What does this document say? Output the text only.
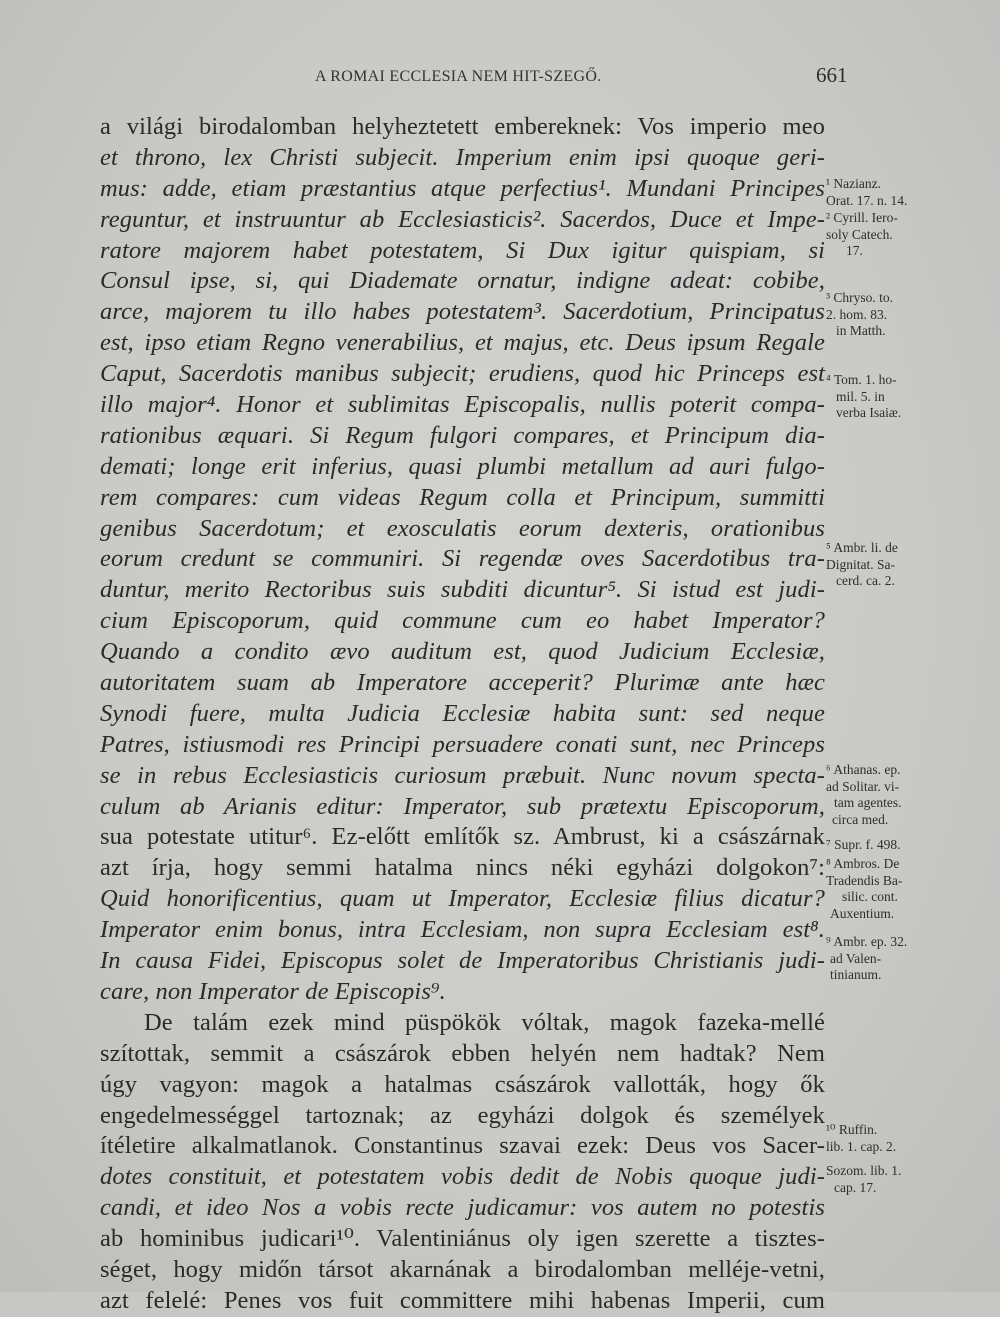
A ROMAI ECCLESIA NEM HIT-SZEGŐ.	661
a világi birodalomban helyheztetett embereknek: Vos imperio meo
et throno, lex Christi subjecit. Imperium enim ipsi quoque geri-
mus: adde, etiam præstantius atque perfectius¹. Mundani Principes
reguntur, et instruuntur ab Ecclesiasticis². Sacerdos, Duce et Impe-
ratore majorem habet potestatem, Si Dux igitur quispiam, si
Consul ipse, si, qui Diademate ornatur, indigne adeat: cobibe,
arce, majorem tu illo habes potestatem³. Sacerdotium, Principatus
est, ipso etiam Regno venerabilius, et majus, etc. Deus ipsum Regale
Caput, Sacerdotis manibus subjecit; erudiens, quod hic Princeps est
illo major⁴. Honor et sublimitas Episcopalis, nullis poterit compa-
rationibus æquari. Si Regum fulgori compares, et Principum dia-
demati; longe erit inferius, quasi plumbi metallum ad auri fulgo-
rem compares: cum videas Regum colla et Principum, summitti
genibus Sacerdotum; et exosculatis eorum dexteris, orationibus
eorum credunt se communiri. Si regendæ oves Sacerdotibus tra-
duntur, merito Rectoribus suis subditi dicuntur⁵. Si istud est judi-
cium Episcoporum, quid commune cum eo habet Imperator?
Quando a condito ævo auditum est, quod Judicium Ecclesiæ,
autoritatem suam ab Imperatore acceperit? Plurimæ ante hæc
Synodi fuere, multa Judicia Ecclesiæ habita sunt: sed neque
Patres, istiusmodi res Principi persuadere conati sunt, nec Princeps
se in rebus Ecclesiasticis curiosum præbuit. Nunc novum specta-
culum ab Arianis editur: Imperator, sub prætextu Episcoporum,
sua potestate utitur⁶. Ez-előtt említők sz. Ambrust, ki a császárnak
azt írja, hogy semmi hatalma nincs néki egyházi dolgokon⁷:
Quid honorificentius, quam ut Imperator, Ecclesiæ filius dicatur?
Imperator enim bonus, intra Ecclesiam, non supra Ecclesiam est⁸.
In causa Fidei, Episcopus solet de Imperatoribus Christianis judi-
care, non Imperator de Episcopis⁹.
De talám ezek mind püspökök vóltak, magok fazeka-mellé
szítottak, semmit a császárok ebben helyén nem hadtak? Nem
úgy vagyon: magok a hatalmas császárok vallották, hogy ők
engedelmességgel tartoznak; az egyházi dolgok és személyek
ítéletire alkalmatlanok. Constantinus szavai ezek: Deus vos Sacer-
dotes constituit, et potestatem vobis dedit de Nobis quoque judi-
candi, et ideo Nos a vobis recte judicamur: vos autem no potestis
ab hominibus judicari¹⁰. Valentiniánus oly igen szerette a tisztes-
séget, hogy midőn társot akarnának a birodalomban melléje-vetni,
azt felelé: Penes vos fuit committere mihi habenas Imperii, cum
¹ Nazianz.
Orat. 17. n. 14.
² Cyrill. Iero-
soly Catech.
17.
³ Chryso. to.
2. hom. 83.
in Matth.
⁴ Tom. 1. ho-
mil. 5. in
verba Isaiæ.
⁵ Ambr. li. de
Dignitat. Sa-
cerd. ca. 2.
⁶ Athanas. ep.
ad Solitar. vi-
tam agentes.
circa med.
⁷ Supr. f. 498.
⁸ Ambros. De
Tradendis Ba-
silic. cont.
Auxentium.
⁹ Ambr. ep. 32.
ad Valen-
tinianum.
¹⁰ Ruffin.
lib. 1. cap. 2.
Sozom. lib. 1.
cap. 17.
